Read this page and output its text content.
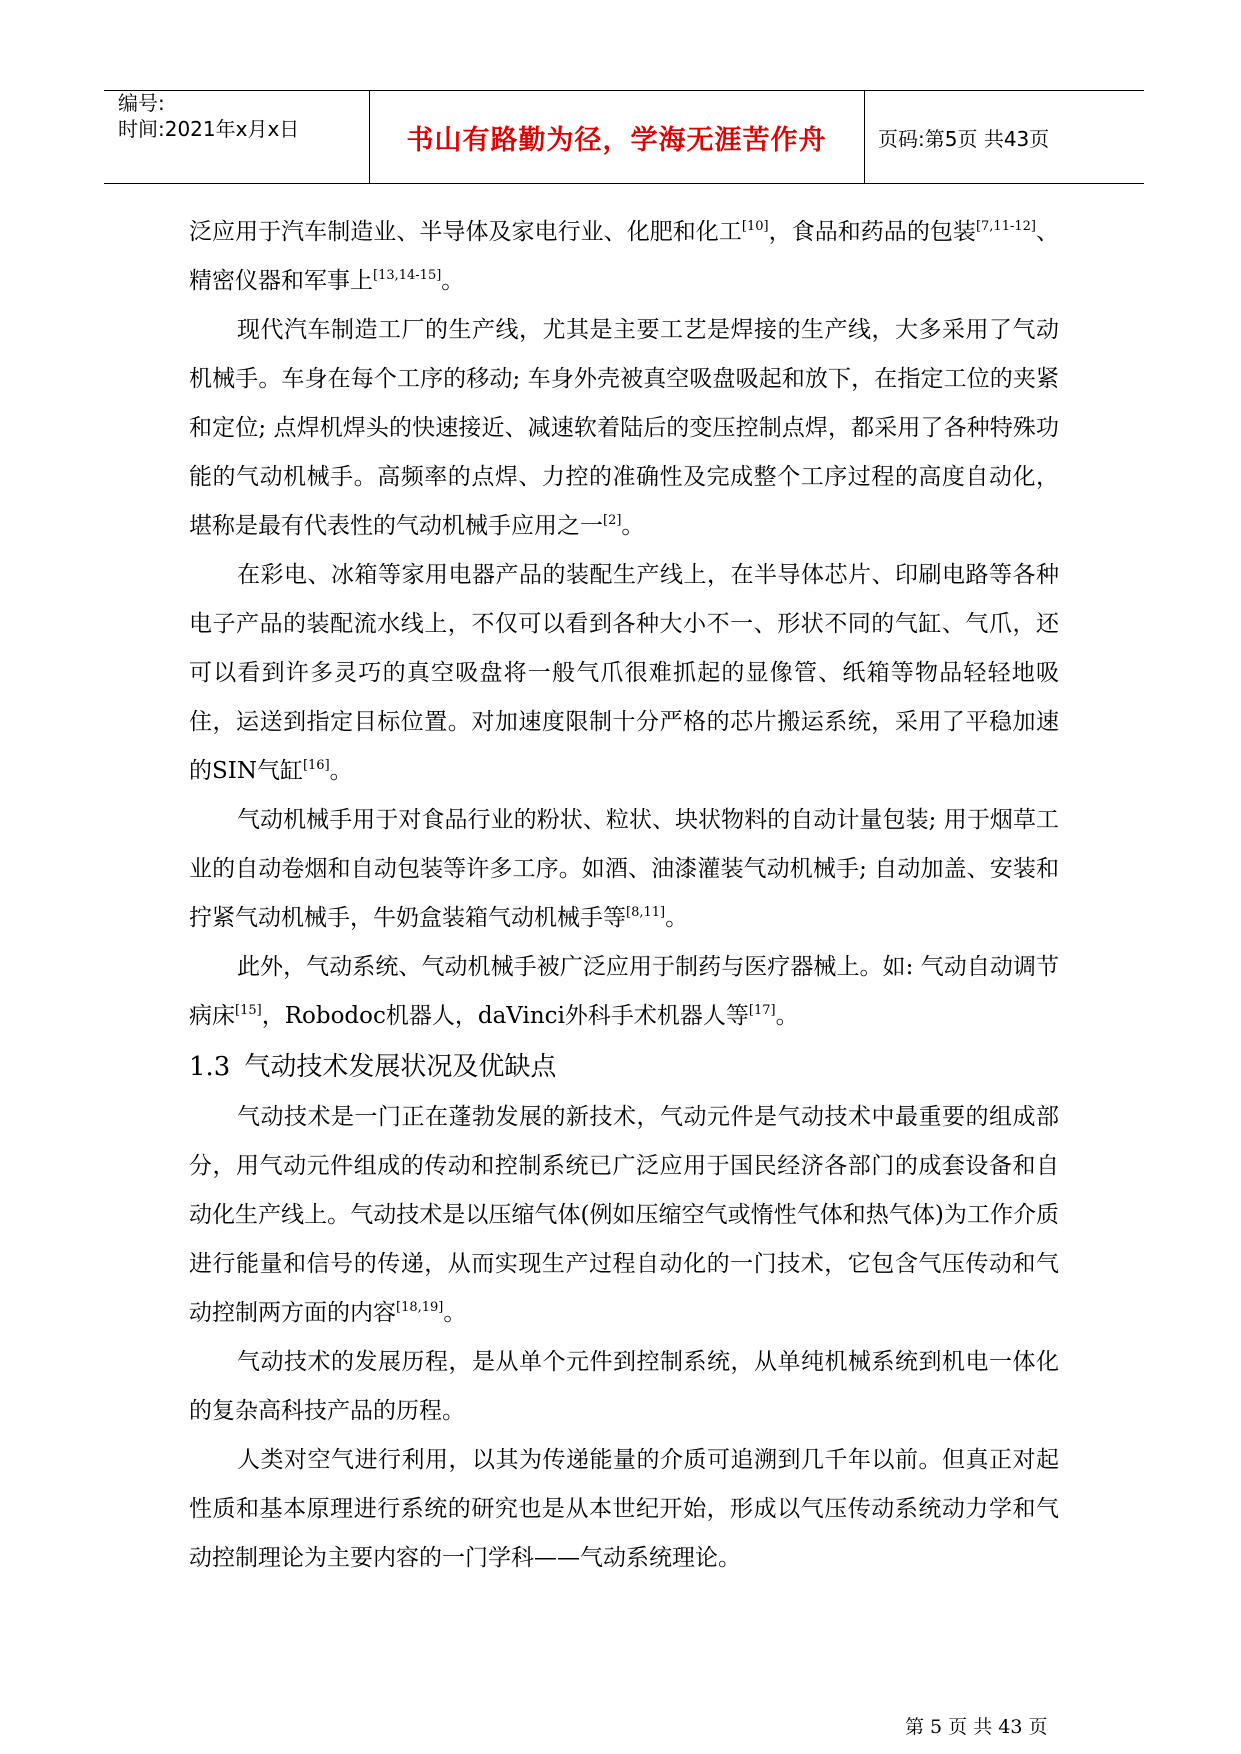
编号:
时间:2021年x月x日	书山有路勤为径，学海无涯苦作舟	页码:第5页 共43页

泛应用于汽车制造业、半导体及家电行业、化肥和化工[10]，食品和药品的包装[7,11-12]、精密仪器和军事上[13,14-15]。

现代汽车制造工厂的生产线，尤其是主要工艺是焊接的生产线，大多采用了气动机械手。车身在每个工序的移动; 车身外壳被真空吸盘吸起和放下，在指定工位的夹紧和定位; 点焊机焊头的快速接近、减速软着陆后的变压控制点焊，都采用了各种特殊功能的气动机械手。高频率的点焊、力控的准确性及完成整个工序过程的高度自动化，堪称是最有代表性的气动机械手应用之一[2]。

在彩电、冰箱等家用电器产品的装配生产线上，在半导体芯片、印刷电路等各种电子产品的装配流水线上，不仅可以看到各种大小不一、形状不同的气缸、气爪，还可以看到许多灵巧的真空吸盘将一般气爪很难抓起的显像管、纸箱等物品轻轻地吸住，运送到指定目标位置。对加速度限制十分严格的芯片搬运系统，采用了平稳加速的SIN气缸[16]。

气动机械手用于对食品行业的粉状、粒状、块状物料的自动计量包装; 用于烟草工业的自动卷烟和自动包装等许多工序。如酒、油漆灌装气动机械手; 自动加盖、安装和拧紧气动机械手，牛奶盒装箱气动机械手等[8,11]。

此外，气动系统、气动机械手被广泛应用于制药与医疗器械上。如: 气动自动调节病床[15]，Robodoc机器人，daVinci外科手术机器人等[17]。

1.3 气动技术发展状况及优缺点

气动技术是一门正在蓬勃发展的新技术，气动元件是气动技术中最重要的组成部分，用气动元件组成的传动和控制系统已广泛应用于国民经济各部门的成套设备和自动化生产线上。气动技术是以压缩气体(例如压缩空气或惰性气体和热气体)为工作介质进行能量和信号的传递，从而实现生产过程自动化的一门技术，它包含气压传动和气动控制两方面的内容[18,19]。

气动技术的发展历程，是从单个元件到控制系统，从单纯机械系统到机电一体化的复杂高科技产品的历程。

人类对空气进行利用，以其为传递能量的介质可追溯到几千年以前。但真正对起性质和基本原理进行系统的研究也是从本世纪开始，形成以气压传动系统动力学和气动控制理论为主要内容的一门学科——气动系统理论。

第 5 页 共 43 页
